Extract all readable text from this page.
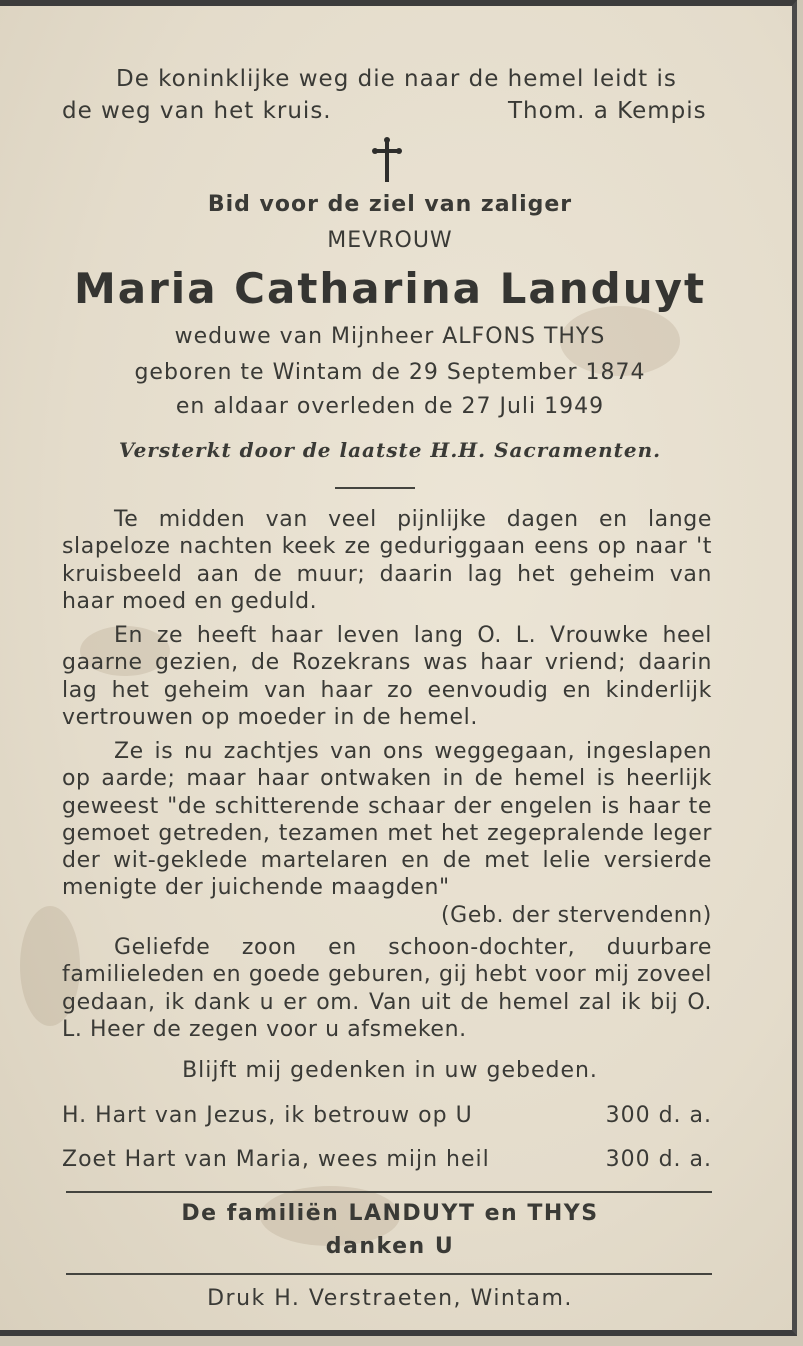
De koninklijke weg die naar de hemel leidt is

de weg van het kruis.	Thom. a Kempis

Bid voor de ziel van zaliger

MEVROUW

Maria Catharina Landuyt

weduwe van Mijnheer ALFONS THYS

geboren te Wintam de 29 September 1874

en aldaar overleden de 27 Juli 1949

Versterkt door de laatste H.H. Sacramenten.

Te midden van veel pijnlijke dagen en lange slapeloze nachten keek ze geduriggaan eens op naar 't kruisbeeld aan de muur; daarin lag het geheim van haar moed en geduld.

En ze heeft haar leven lang O. L. Vrouwke heel gaarne gezien, de Rozekrans was haar vriend; daarin lag het geheim van haar zo eenvoudig en kinderlijk vertrouwen op moeder in de hemel.

Ze is nu zachtjes van ons weggegaan, ingeslapen op aarde; maar haar ontwaken in de hemel is heerlijk geweest "de schitterende schaar der engelen is haar te gemoet getreden, tezamen met het zegepralende leger der wit-geklede martelaren en de met lelie versierde menigte der juichende maagden"
(Geb. der stervendenn)

Geliefde zoon en schoon-dochter, duurbare familieleden en goede geburen, gij hebt voor mij zoveel gedaan, ik dank u er om. Van uit de hemel zal ik bij O. L. Heer de zegen voor u afsmeken.

Blijft mij gedenken in uw gebeden.

H. Hart van Jezus, ik betrouw op U	300 d. a.
Zoet Hart van Maria, wees mijn heil	300 d. a.

De familiën LANDUYT en THYS

danken U

Druk H. Verstraeten, Wintam.
